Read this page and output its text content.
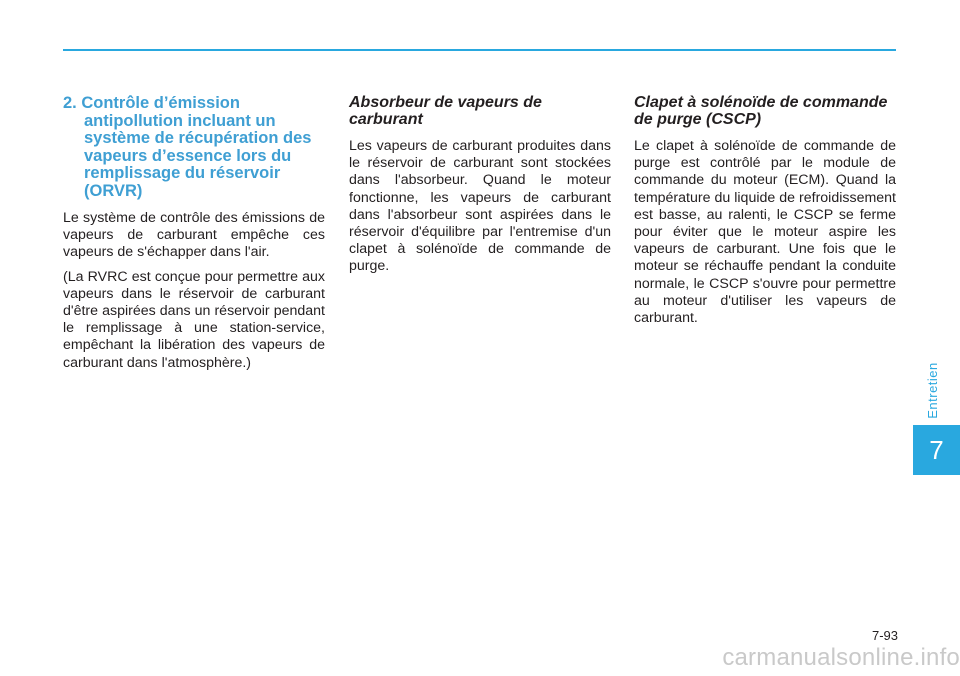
2. Contrôle d’émission antipollution incluant un système de récupération des vapeurs d’essence lors du remplissage du réservoir (ORVR)

Le système de contrôle des émissions de vapeurs de carburant empêche ces vapeurs de s'échapper dans l'air.

(La RVRC est conçue pour permettre aux vapeurs dans le réservoir de carburant d'être aspirées dans un réservoir pendant le remplissage à une station-service, empêchant la libération des vapeurs de carburant dans l'atmosphère.)

Absorbeur de vapeurs de carburant

Les vapeurs de carburant produites dans le réservoir de carburant sont stockées dans l'absorbeur. Quand le moteur fonctionne, les vapeurs de carburant dans l'absorbeur sont aspirées dans le réservoir d'équilibre par l'entremise d'un clapet à solénoïde de commande de purge.

Clapet à solénoïde de commande de purge (CSCP)

Le clapet à solénoïde de commande de purge est contrôlé par le module de commande du moteur (ECM). Quand la température du liquide de refroidissement est basse, au ralenti, le CSCP se ferme pour éviter que le moteur aspire les vapeurs de carburant. Une fois que le moteur se réchauffe pendant la conduite normale, le CSCP s'ouvre pour permettre au moteur d'utiliser les vapeurs de carburant.

Entretien
7
7-93
carmanualsonline.info
